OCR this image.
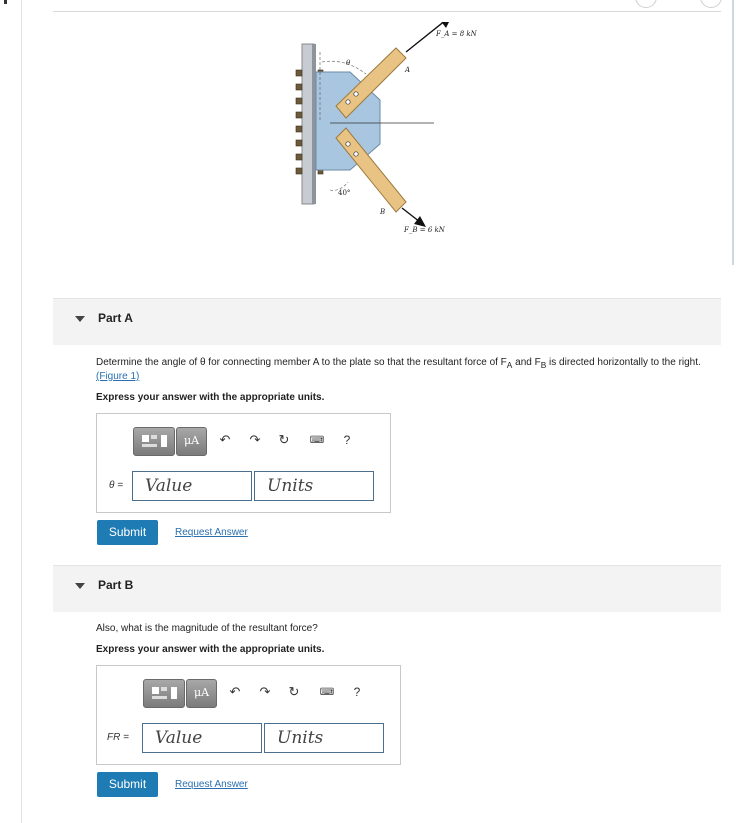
F_A = 8 kN
A
θ
40°
B
F_B = 6 kN
Part A
Determine the angle of θ for connecting member A to the plate so that the resultant force of $F_A$ and $F_B$ is directed horizontally to the right.(Figure 1)
Express your answer with the appropriate units.
μA	↶	↷	↻	⌨	?
θ =	Value	Units
Submit	Request Answer
Part B
Also, what is the magnitude of the resultant force?
Express your answer with the appropriate units.
μA	↶	↷	↻	⌨	?
FR =	Value	Units
Submit	Request Answer
